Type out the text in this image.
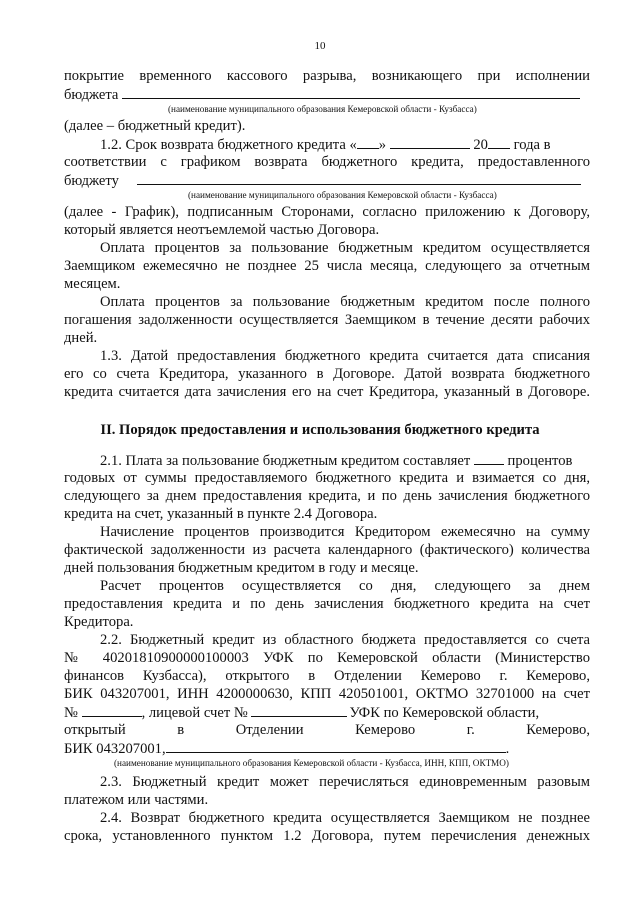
10
покрытие временного кассового разрыва, возникающего при исполнении
бюджета
(наименование муниципального образования Кемеровской области - Кузбасса)
(далее – бюджетный кредит).
1.2. Срок возврата бюджетного кредита « »	20 года в
соответствии с графиком возврата бюджетного кредита, предоставленного
бюджету
(наименование муниципального образования Кемеровской области - Кузбасса)
(далее - График), подписанным Сторонами, согласно приложению к Договору,
который является неотъемлемой частью Договора.
Оплата процентов за пользование бюджетным кредитом осуществляется
Заемщиком ежемесячно не позднее 25 числа месяца, следующего за отчетным
месяцем.
Оплата процентов за пользование бюджетным кредитом после полного
погашения задолженности осуществляется Заемщиком в течение десяти рабочих
дней.
1.3. Датой предоставления бюджетного кредита считается дата списания
его со счета Кредитора, указанного в Договоре. Датой возврата бюджетного
кредита считается дата зачисления его на счет Кредитора, указанный в Договоре.
II. Порядок предоставления и использования бюджетного кредита
2.1. Плата за пользование бюджетным кредитом составляет	процентов
годовых от суммы предоставляемого бюджетного кредита и взимается со дня,
следующего за днем предоставления кредита, и по день зачисления бюджетного
кредита на счет, указанный в пункте 2.4 Договора.
Начисление процентов производится Кредитором ежемесячно на сумму
фактической задолженности из расчета календарного (фактического) количества
дней пользования бюджетным кредитом в году и месяце.
Расчет процентов осуществляется со дня, следующего за днем
предоставления кредита и по день зачисления бюджетного кредита на счет
Кредитора.
2.2. Бюджетный кредит из областного бюджета предоставляется со счета
№ 40201810900000100003 УФК по Кемеровской области (Министерство
финансов Кузбасса), открытого в Отделении Кемерово г. Кемерово,
БИК 043207001, ИНН 4200000630, КПП 420501001, ОКТМО 32701000 на счет
№	, лицевой счет №	УФК по Кемеровской области,
открытый в Отделении Кемерово г. Кемерово,
БИК 043207001,	.
(наименование муниципального образования Кемеровской области - Кузбасса, ИНН, КПП, ОКТМО)
2.3. Бюджетный кредит может перечисляться единовременным разовым
платежом или частями.
2.4. Возврат бюджетного кредита осуществляется Заемщиком не позднее
срока, установленного пунктом 1.2 Договора, путем перечисления денежных
